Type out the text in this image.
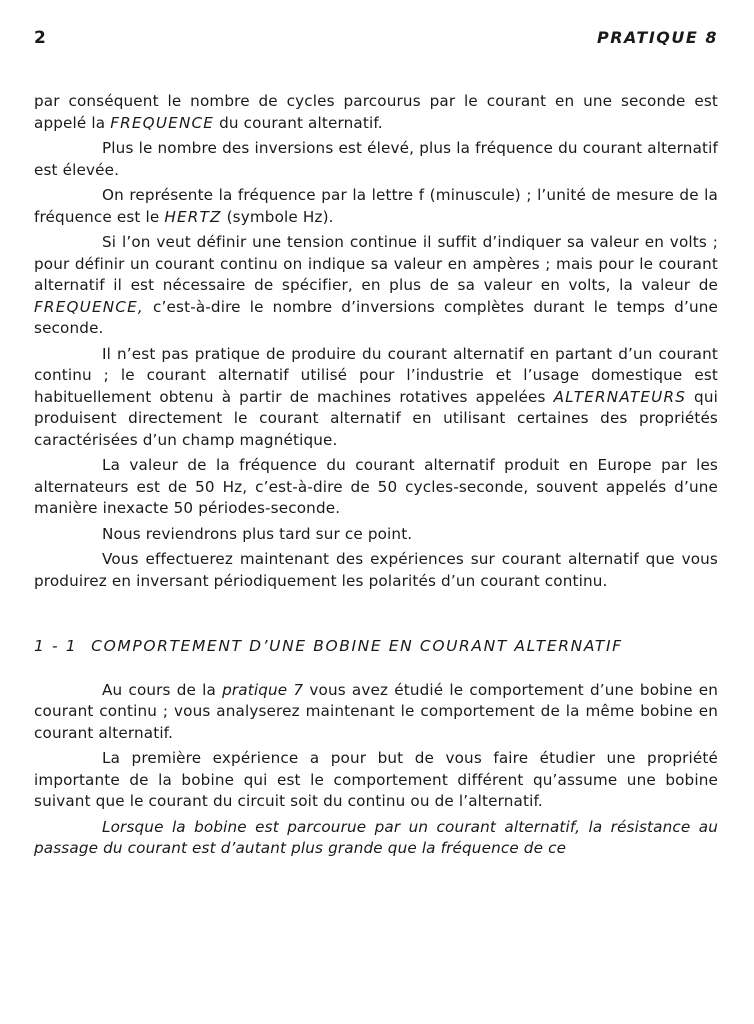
2	PRATIQUE 8

par conséquent le nombre de cycles parcourus par le courant en une seconde est appelé la FREQUENCE du courant alternatif.

Plus le nombre des inversions est élevé, plus la fréquence du courant alternatif est élevée.

On représente la fréquence par la lettre f (minuscule) ; l’unité de mesure de la fréquence est le HERTZ (symbole Hz).

Si l’on veut définir une tension continue il suffit d’indiquer sa valeur en volts ; pour définir un courant continu on indique sa valeur en ampères ; mais pour le courant alternatif il est nécessaire de spécifier, en plus de sa valeur en volts, la valeur de FREQUENCE, c’est-à-dire le nombre d’inversions complètes durant le temps d’une seconde.

Il n’est pas pratique de produire du courant alternatif en partant d’un courant continu ; le courant alternatif utilisé pour l’industrie et l’usage domestique est habituellement obtenu à partir de machines rotatives appelées ALTERNATEURS qui produisent directement le courant alternatif en utilisant certaines des propriétés caractérisées d’un champ magnétique.

La valeur de la fréquence du courant alternatif produit en Europe par les alternateurs est de 50 Hz, c’est-à-dire de 50 cycles-seconde, souvent appelés d’une manière inexacte 50 périodes-seconde.

Nous reviendrons plus tard sur ce point.

Vous effectuerez maintenant des expériences sur courant alternatif que vous produirez en inversant périodiquement les polarités d’un courant continu.

1 - 1 COMPORTEMENT D’UNE BOBINE EN COURANT ALTERNATIF

Au cours de la pratique 7 vous avez étudié le comportement d’une bobine en courant continu ; vous analyserez maintenant le comportement de la même bobine en courant alternatif.

La première expérience a pour but de vous faire étudier une propriété importante de la bobine qui est le comportement différent qu’assume une bobine suivant que le courant du circuit soit du continu ou de l’alternatif.

Lorsque la bobine est parcourue par un courant alternatif, la résistance au passage du courant est d’autant plus grande que la fréquence de ce
